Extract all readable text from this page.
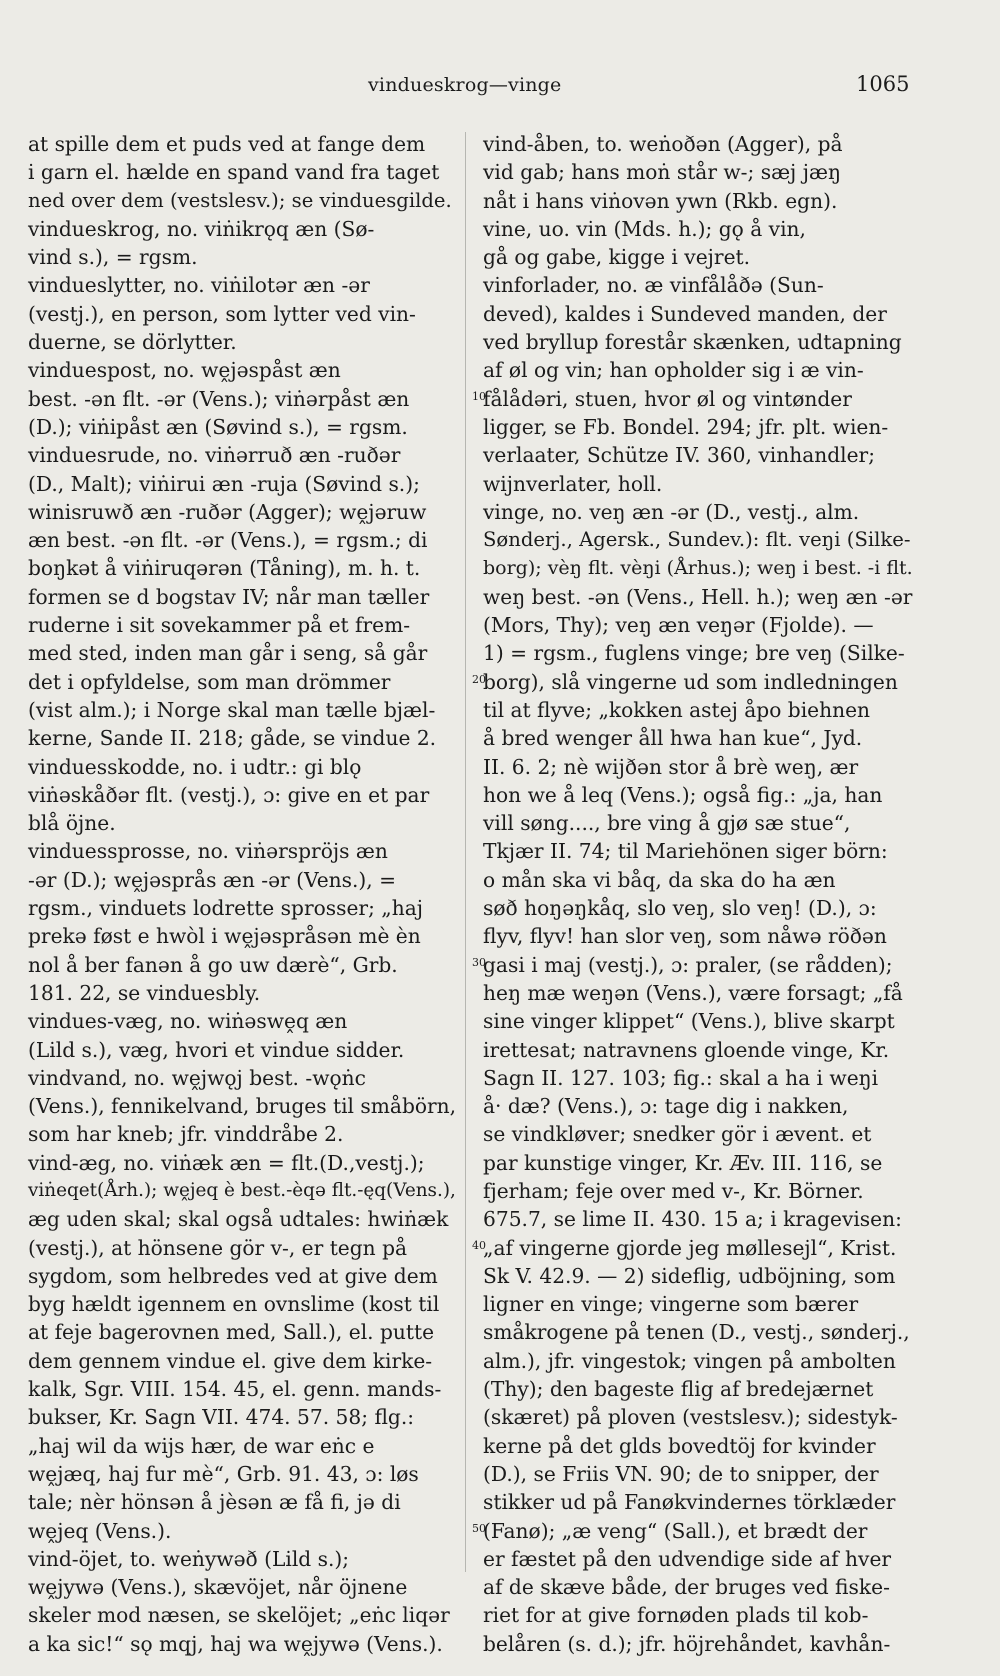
vindueskrog—vinge	1065
at spille dem et puds ved at fange dem
i garn el. hælde en spand vand fra taget
ned over dem (vestslesv.); se vinduesgilde.
vindueskrog, no. viṅikrǫq æn (Sø-
vind s.), = rgsm.
vindueslytter, no. viṅilotər æn -ər
(vestj.), en person, som lytter ved vin-
duerne, se dörlytter.
vinduespost, no. wḙjəspåst æn
best. -ən flt. -ər (Vens.); viṅərpåst æn
(D.); viṅipåst æn (Søvind s.), = rgsm.
vinduesrude, no. viṅərruð æn -ruðər
(D., Malt); viṅirui æn -ruja (Søvind s.);
winisruwð æn -ruðər (Agger); wḙjəruw
æn best. -ən flt. -ər (Vens.), = rgsm.; di
boŋkət å viṅiruqərən (Tåning), m. h. t.
formen se d bogstav IV; når man tæller
ruderne i sit sovekammer på et frem-
med sted, inden man går i seng, så går
det i opfyldelse, som man drömmer
(vist alm.); i Norge skal man tælle bjæl-
kerne, Sande II. 218; gåde, se vindue 2.
vinduesskodde, no. i udtr.: gi blǫ
viṅəskåðər flt. (vestj.), ɔ: give en et par
blå öjne.
vinduessprosse, no. viṅərspröjs æn
-ər (D.); wḙjəsprås æn -ər (Vens.), =
rgsm., vinduets lodrette sprosser; „haj
prekə føst e hwòl i wḙjəspråsən mè èn
nol å ber fanən å go uw dærè“, Grb.
181. 22, se vinduesbly.
vindues-væg, no. wiṅəswḙq æn
(Lild s.), væg, hvori et vindue sidder.
vindvand, no. wḙjwǫj best. -wǫṅc
(Vens.), fennikelvand, bruges til småbörn,
som har kneb; jfr. vinddråbe 2.
vind-æg, no. viṅæk æn = flt.(D.,vestj.);
viṅeqet(Årh.); wḙjeq è best.-èqə flt.-ęq(Vens.),
æg uden skal; skal også udtales: hwiṅæk
(vestj.), at hönsene gör v-, er tegn på
sygdom, som helbredes ved at give dem
byg hældt igennem en ovnslime (kost til
at feje bagerovnen med, Sall.), el. putte
dem gennem vindue el. give dem kirke-
kalk, Sgr. VIII. 154. 45, el. genn. mands-
bukser, Kr. Sagn VII. 474. 57. 58; flg.:
„haj wil da wijs hær, de war eṅc e
wḙjæq, haj fur mè“, Grb. 91. 43, ɔ: løs
tale; nèr hönsən å jèsən æ få fi, jə di
wḙjeq (Vens.).
vind-öjet, to. weṅywəð (Lild s.);
wḙjywə (Vens.), skævöjet, når öjnene
skeler mod næsen, se skelöjet; „eṅc liqər
a ka sic!“ sǫ mqj, haj wa wḙjywə (Vens.).
vind-åben, to. weṅoðən (Agger), på
vid gab; hans moṅ står w-; sæj jæŋ
nåt i hans viṅovən ywn (Rkb. egn).
vine, uo. vin (Mds. h.); gǫ å vin,
gå og gabe, kigge i vejret.
vinforlader, no. æ vinfålåðə (Sun-
deved), kaldes i Sundeved manden, der
ved bryllup forestår skænken, udtapning
af øl og vin; han opholder sig i æ vin-
fålådəri, stuen, hvor øl og vintønder
ligger, se Fb. Bondel. 294; jfr. plt. wien-
verlaater, Schütze IV. 360, vinhandler;
wijnverlater, holl.
vinge, no. veŋ æn -ər (D., vestj., alm.
Sønderj., Agersk., Sundev.): flt. veŋi (Silke-
borg); vèŋ flt. vèŋi (Århus.); weŋ i best. -i flt.
weŋ best. -ən (Vens., Hell. h.); weŋ æn -ər
(Mors, Thy); veŋ æn veŋər (Fjolde). —
1) = rgsm., fuglens vinge; bre veŋ (Silke-
borg), slå vingerne ud som indledningen
til at flyve; „kokken astej åpo biehnen
å bred wenger åll hwa han kue“, Jyd.
II. 6. 2; nè wijðən stor å brè weŋ, ær
hon we å leq (Vens.); også fig.: „ja, han
vill søng...., bre ving å gjø sæ stue“,
Tkjær II. 74; til Mariehönen siger börn:
o mån ska vi båq, da ska do ha æn
søð hoŋəŋkåq, slo veŋ, slo veŋ! (D.), ɔ:
flyv, flyv! han slor veŋ, som nåwə röðən
gasi i maj (vestj.), ɔ: praler, (se rådden);
heŋ mæ weŋən (Vens.), være forsagt; „få
sine vinger klippet“ (Vens.), blive skarpt
irettesat; natravnens gloende vinge, Kr.
Sagn II. 127. 103; fig.: skal a ha i weŋi
å· dæ? (Vens.), ɔ: tage dig i nakken,
se vindkløver; snedker gör i ævent. et
par kunstige vinger, Kr. Æv. III. 116, se
fjerham; feje over med v-, Kr. Börner.
675.7, se lime II. 430. 15 a; i kragevisen:
„af vingerne gjorde jeg møllesejl“, Krist.
Sk V. 42.9. — 2) sideflig, udböjning, som
ligner en vinge; vingerne som bærer
småkrogene på tenen (D., vestj., sønderj.,
alm.), jfr. vingestok; vingen på ambolten
(Thy); den bageste flig af bredejærnet
(skæret) på ploven (vestslesv.); sidestyk-
kerne på det glds bovedtöj for kvinder
(D.), se Friis VN. 90; de to snipper, der
stikker ud på Fanøkvindernes törklæder
(Fanø); „æ veng“ (Sall.), et brædt der
er fæstet på den udvendige side af hver
af de skæve både, der bruges ved fiske-
riet for at give fornøden plads til kob-
belåren (s. d.); jfr. höjrehåndet, kavhån-
10
20
30
40
50
